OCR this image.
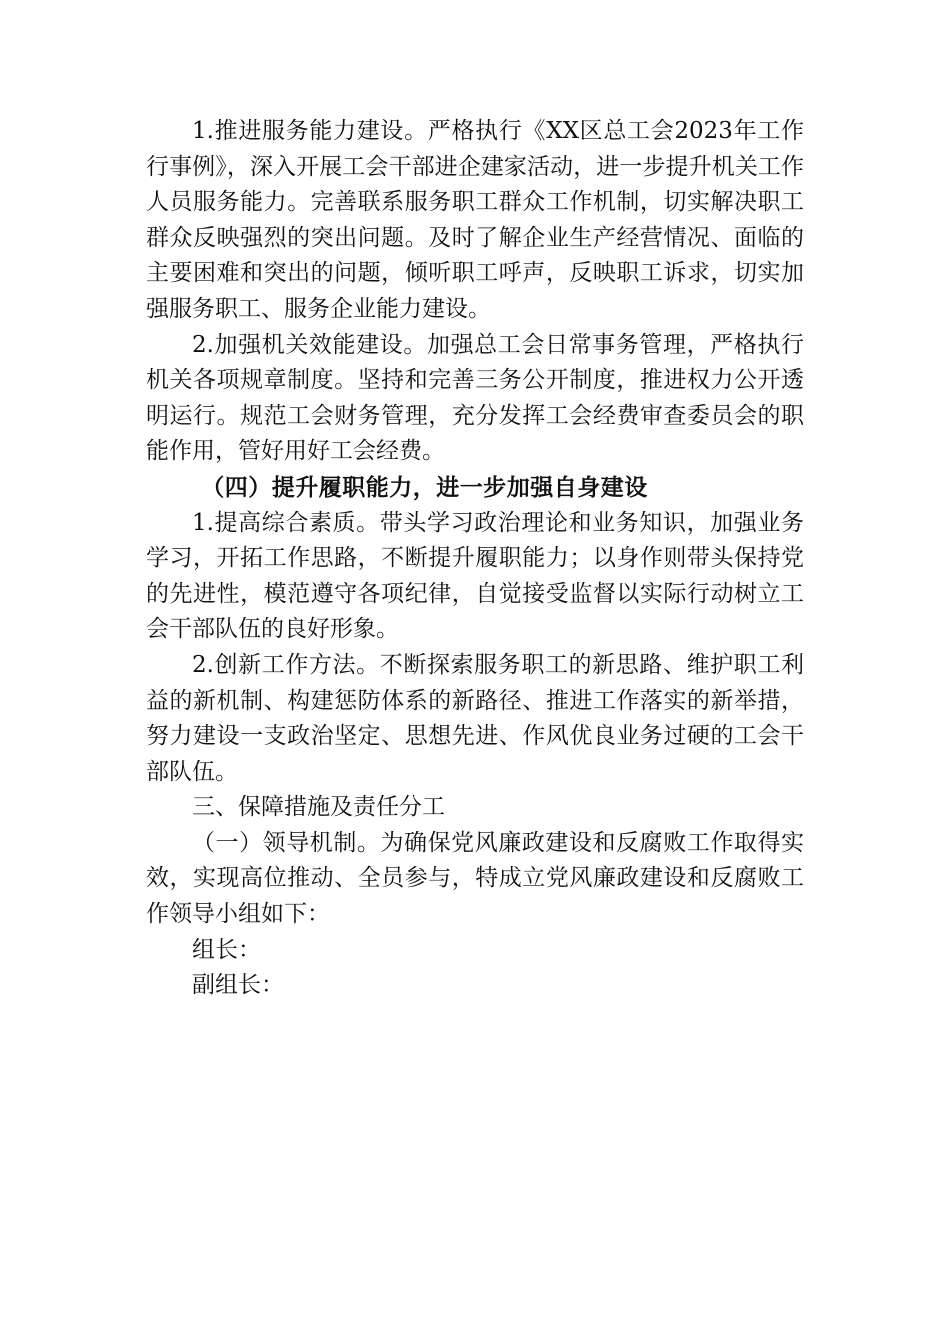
1.推进服务能力建设。严格执行《XX区总工会2023年工作行事例》，深入开展工会干部进企建家活动，进一步提升机关工作人员服务能力。完善联系服务职工群众工作机制，切实解决职工群众反映强烈的突出问题。及时了解企业生产经营情况、面临的主要困难和突出的问题，倾听职工呼声，反映职工诉求，切实加强服务职工、服务企业能力建设。

2.加强机关效能建设。加强总工会日常事务管理，严格执行机关各项规章制度。坚持和完善三务公开制度，推进权力公开透明运行。规范工会财务管理，充分发挥工会经费审查委员会的职能作用，管好用好工会经费。

（四）提升履职能力，进一步加强自身建设

1.提高综合素质。带头学习政治理论和业务知识，加强业务学习，开拓工作思路，不断提升履职能力；以身作则带头保持党的先进性，模范遵守各项纪律，自觉接受监督以实际行动树立工会干部队伍的良好形象。

2.创新工作方法。不断探索服务职工的新思路、维护职工利益的新机制、构建惩防体系的新路径、推进工作落实的新举措，努力建设一支政治坚定、思想先进、作风优良业务过硬的工会干部队伍。

三、保障措施及责任分工

（一）领导机制。为确保党风廉政建设和反腐败工作取得实效，实现高位推动、全员参与，特成立党风廉政建设和反腐败工作领导小组如下：

组长：

副组长：
